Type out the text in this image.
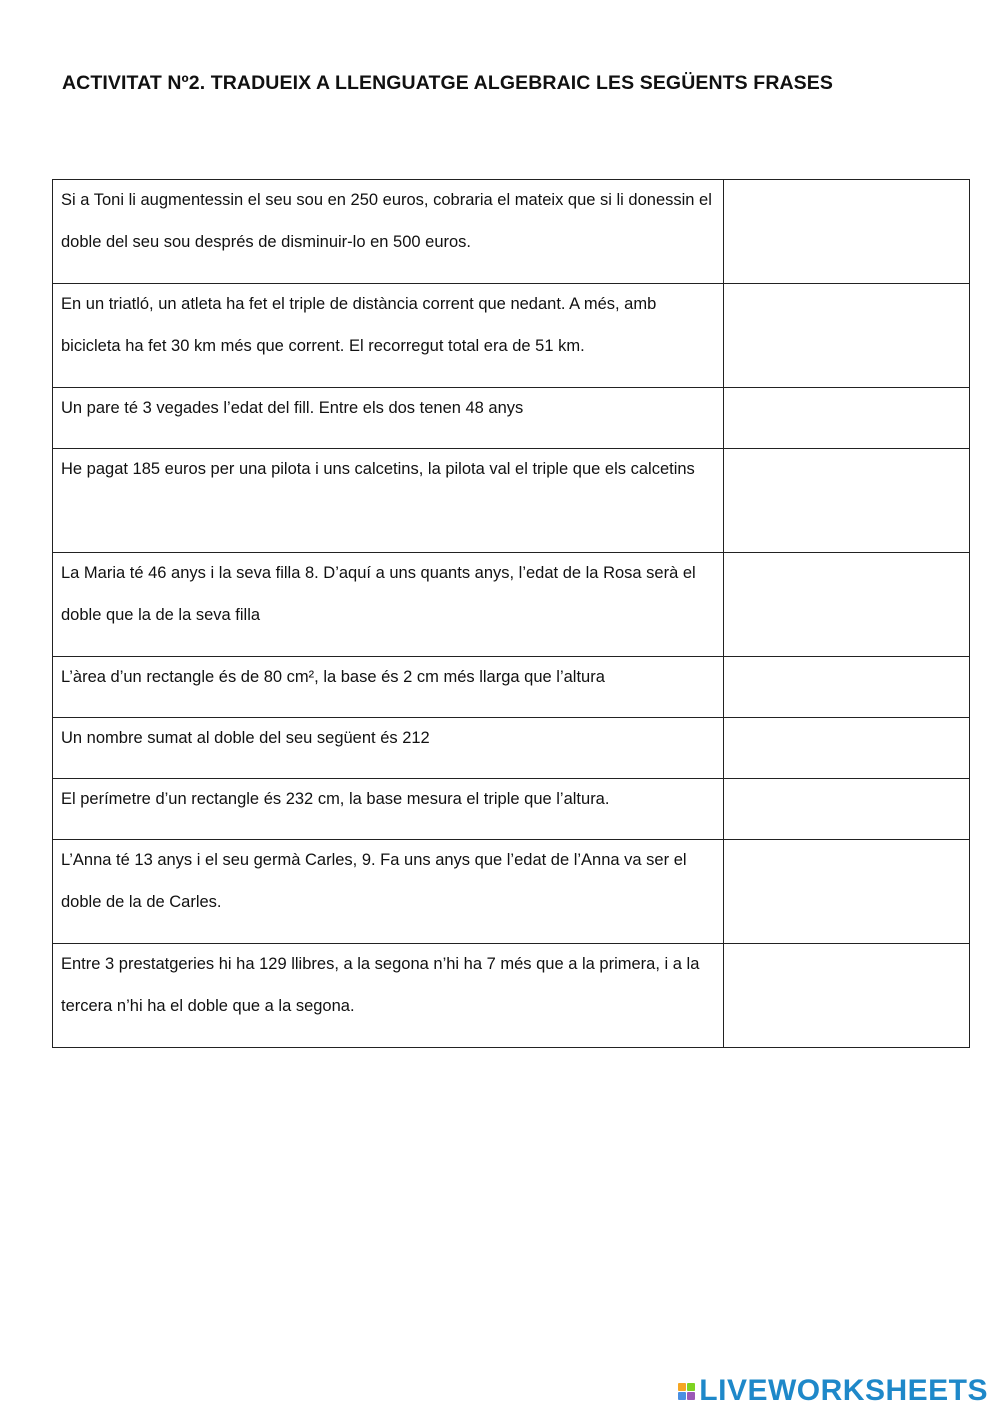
ACTIVITAT Nº2. TRADUEIX A LLENGUATGE ALGEBRAIC LES SEGÜENTS FRASES
Si a Toni li augmentessin el seu sou en 250 euros, cobraria el mateix que si li donessin el doble del seu sou després de disminuir-lo en 500 euros.	

En un triatló, un atleta ha fet el triple de distància corrent que nedant. A més, amb bicicleta ha fet 30 km més que corrent. El recorregut total era de 51 km.	

Un pare té 3 vegades l’edat del fill. Entre els dos tenen 48 anys	

He pagat 185 euros per una pilota i uns calcetins, la pilota val el triple que els calcetins	

La Maria té 46 anys i la seva filla 8. D’aquí a uns quants anys, l’edat de la Rosa serà el doble que la de la seva filla	

L’àrea d’un rectangle és de 80 cm², la base és 2 cm més llarga que l’altura	

Un nombre sumat al doble del seu següent és 212	

El perímetre d’un rectangle és 232 cm, la base mesura el triple que l’altura.	

L’Anna té 13 anys i el seu germà Carles, 9. Fa uns anys que l’edat de l’Anna va ser el doble de la de Carles.	

Entre 3 prestatgeries hi ha 129 llibres, a la segona n’hi ha 7 més que a la primera, i a la tercera n’hi ha el doble que a la segona.	

LIVEWORKSHEETS
